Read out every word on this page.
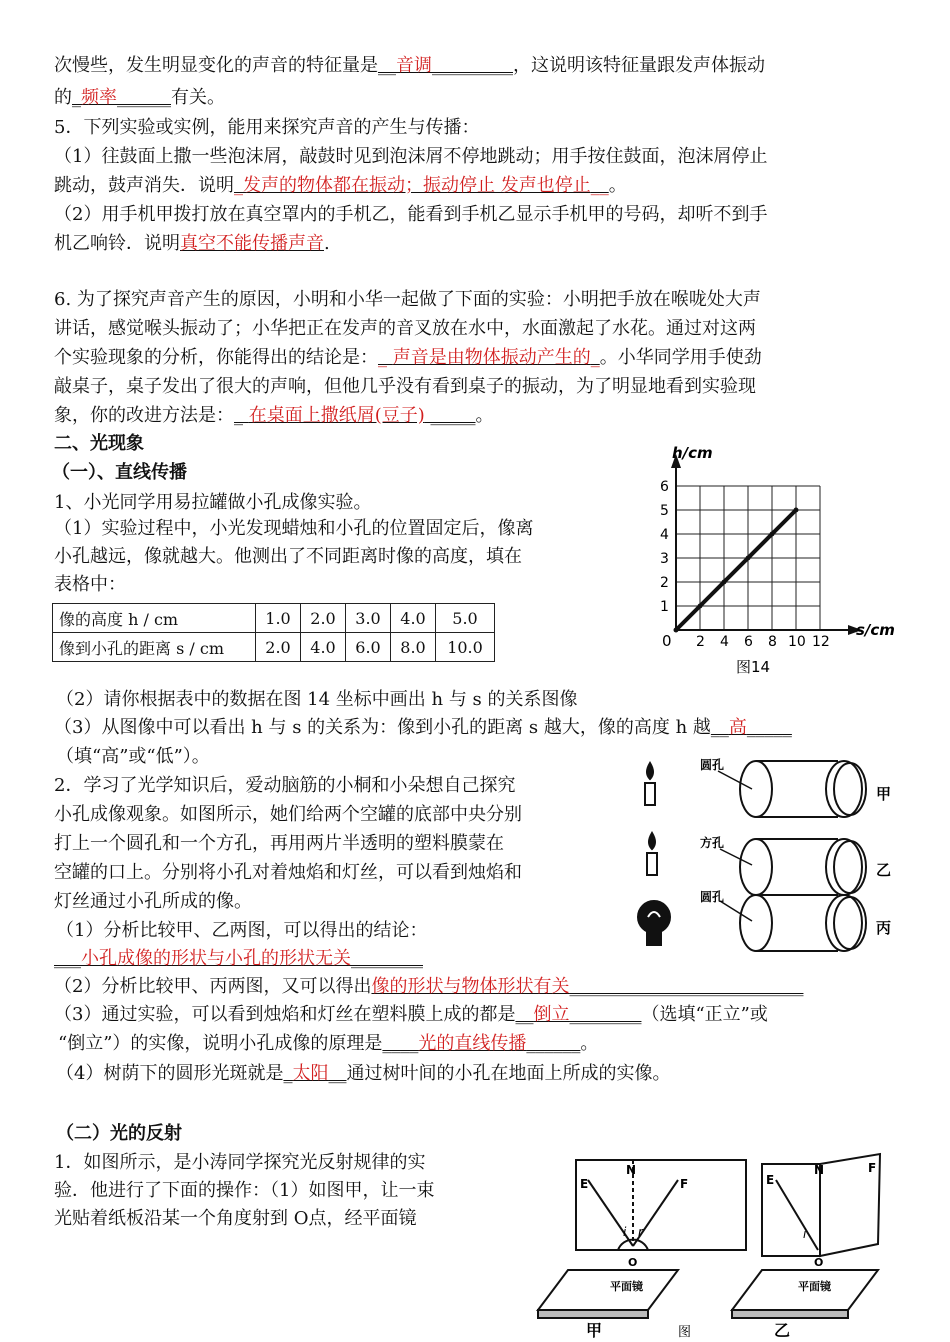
次慢些，发生明显变化的声音的特征量是__音调_________，这说明该特征量跟发声体振动
的_频率______有关。
5．下列实验或实例，能用来探究声音的产生与传播：
（1）往鼓面上撒一些泡沫屑，敲鼓时见到泡沫屑不停地跳动；用手按住鼓面，泡沫屑停止
跳动，鼓声消失．说明_发声的物体都在振动；振动停止 发声也停止__。
（2）用手机甲拨打放在真空罩内的手机乙，能看到手机乙显示手机甲的号码，却听不到手
机乙响铃．说明真空不能传播声音.
6. 为了探究声音产生的原因，小明和小华一起做了下面的实验：小明把手放在喉咙处大声
讲话，感觉喉头振动了；小华把正在发声的音叉放在水中，水面激起了水花。通过对这两
个实验现象的分析，你能得出的结论是：_ 声音是由物体振动产生的_。小华同学用手使劲
敲桌子，桌子发出了很大的声响，但他几乎没有看到桌子的振动，为了明显地看到实验现
象，你的改进方法是：_ 在桌面上撒纸屑(豆子) _____。
二、光现象
（一）、直线传播
1、小光同学用易拉罐做小孔成像实验。
（1）实验过程中，小光发现蜡烛和小孔的位置固定后，像离
小孔越远，像就越大。他测出了不同距离时像的高度，填在
表格中：
像的高度 h / cm	1.0	2.0	3.0	4.0	5.0
像到小孔的距离 s / cm	2.0	4.0	6.0	8.0	10.0
h/cm
s/cm
0
1
2
3
4
5
6
2 4 6 8 10 12
图14
（2）请你根据表中的数据在图 14 坐标中画出 h 与 s 的关系图像
（3）从图像中可以看出 h 与 s 的关系为：像到小孔的距离 s 越大，像的高度 h 越__高_____
（填“高”或“低”）。
2．学习了光学知识后，爱动脑筋的小桐和小朵想自己探究
小孔成像观象。如图所示，她们给两个空罐的底部中央分别
打上一个圆孔和一个方孔，再用两片半透明的塑料膜蒙在
空罐的口上。分别将小孔对着烛焰和灯丝，可以看到烛焰和
灯丝通过小孔所成的像。
圆孔
方孔
圆孔
甲
乙
丙
（1）分析比较甲、乙两图，可以得出的结论：
___小孔成像的形状与小孔的形状无关________
（2）分析比较甲、丙两图，又可以得出像的形状与物体形状有关__________________________
（3）通过实验，可以看到烛焰和灯丝在塑料膜上成的都是__倒立________（选填“正立”或
“倒立”）的实像，说明小孔成像的原理是____光的直线传播______。
（4）树荫下的圆形光斑就是_太阳__通过树叶间的小孔在地面上所成的实像。
（二）光的反射
1．如图所示，是小涛同学探究光反射规律的实
验．他进行了下面的操作：（1）如图甲，让一束
光贴着纸板沿某一个角度射到 O点，经平面镜
E
N
F
i r
O
平面镜
E
N	F
i
O
平面镜
甲	乙
图
